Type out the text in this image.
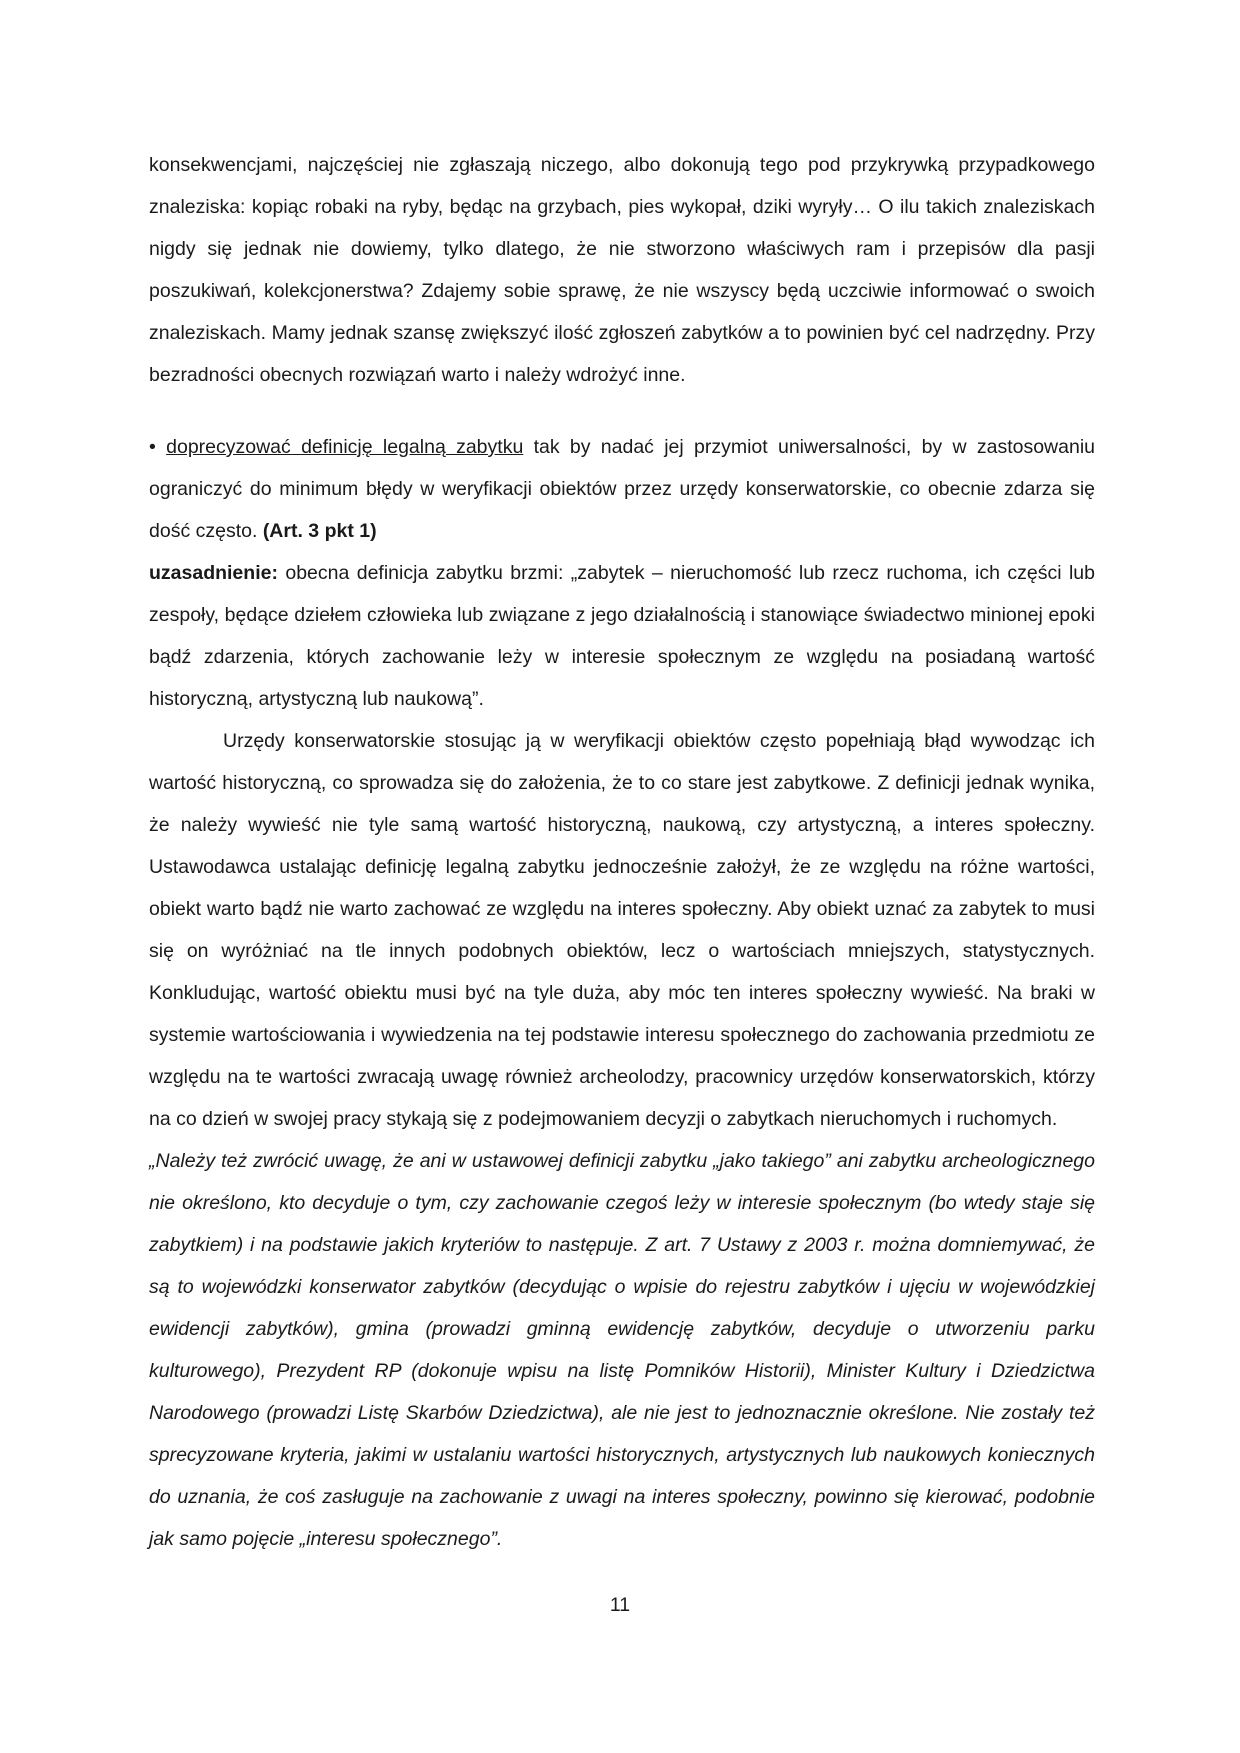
konsekwencjami, najczęściej nie zgłaszają niczego, albo dokonują tego pod przykrywką przypadkowego znaleziska: kopiąc robaki na ryby, będąc na grzybach, pies wykopał, dziki wyryły… O ilu takich znaleziskach nigdy się jednak nie dowiemy, tylko dlatego, że nie stworzono właściwych ram i przepisów dla pasji poszukiwań, kolekcjonerstwa? Zdajemy sobie sprawę, że nie wszyscy będą uczciwie informować o swoich znaleziskach. Mamy jednak szansę zwiększyć ilość zgłoszeń zabytków a to powinien być cel nadrzędny. Przy bezradności obecnych rozwiązań warto i należy wdrożyć inne.

• doprecyzować definicję legalną zabytku tak by nadać jej przymiot uniwersalności, by w zastosowaniu ograniczyć do minimum błędy w weryfikacji obiektów przez urzędy konserwatorskie, co obecnie zdarza się dość często. (Art. 3 pkt 1)

uzasadnienie: obecna definicja zabytku brzmi: „zabytek – nieruchomość lub rzecz ruchoma, ich części lub zespoły, będące dziełem człowieka lub związane z jego działalnością i stanowiące świadectwo minionej epoki bądź zdarzenia, których zachowanie leży w interesie społecznym ze względu na posiadaną wartość historyczną, artystyczną lub naukową”.

Urzędy konserwatorskie stosując ją w weryfikacji obiektów często popełniają błąd wywodząc ich wartość historyczną, co sprowadza się do założenia, że to co stare jest zabytkowe. Z definicji jednak wynika, że należy wywieść nie tyle samą wartość historyczną, naukową, czy artystyczną, a interes społeczny. Ustawodawca ustalając definicję legalną zabytku jednocześnie założył, że ze względu na różne wartości, obiekt warto bądź nie warto zachować ze względu na interes społeczny. Aby obiekt uznać za zabytek to musi się on wyróżniać na tle innych podobnych obiektów, lecz o wartościach mniejszych, statystycznych. Konkludując, wartość obiektu musi być na tyle duża, aby móc ten interes społeczny wywieść. Na braki w systemie wartościowania i wywiedzenia na tej podstawie interesu społecznego do zachowania przedmiotu ze względu na te wartości zwracają uwagę również archeolodzy, pracownicy urzędów konserwatorskich, którzy na co dzień w swojej pracy stykają się z podejmowaniem decyzji o zabytkach nieruchomych i ruchomych.

„Należy też zwrócić uwagę, że ani w ustawowej definicji zabytku „jako takiego” ani zabytku archeologicznego nie określono, kto decyduje o tym, czy zachowanie czegoś leży w interesie społecznym (bo wtedy staje się zabytkiem) i na podstawie jakich kryteriów to następuje. Z art. 7 Ustawy z 2003 r. można domniemywać, że są to wojewódzki konserwator zabytków (decydując o wpisie do rejestru zabytków i ujęciu w wojewódzkiej ewidencji zabytków), gmina (prowadzi gminną ewidencję zabytków, decyduje o utworzeniu parku kulturowego), Prezydent RP (dokonuje wpisu na listę Pomników Historii), Minister Kultury i Dziedzictwa Narodowego (prowadzi Listę Skarbów Dziedzictwa), ale nie jest to jednoznacznie określone. Nie zostały też sprecyzowane kryteria, jakimi w ustalaniu wartości historycznych, artystycznych lub naukowych koniecznych do uznania, że coś zasługuje na zachowanie z uwagi na interes społeczny, powinno się kierować, podobnie jak samo pojęcie „interesu społecznego”.

11
